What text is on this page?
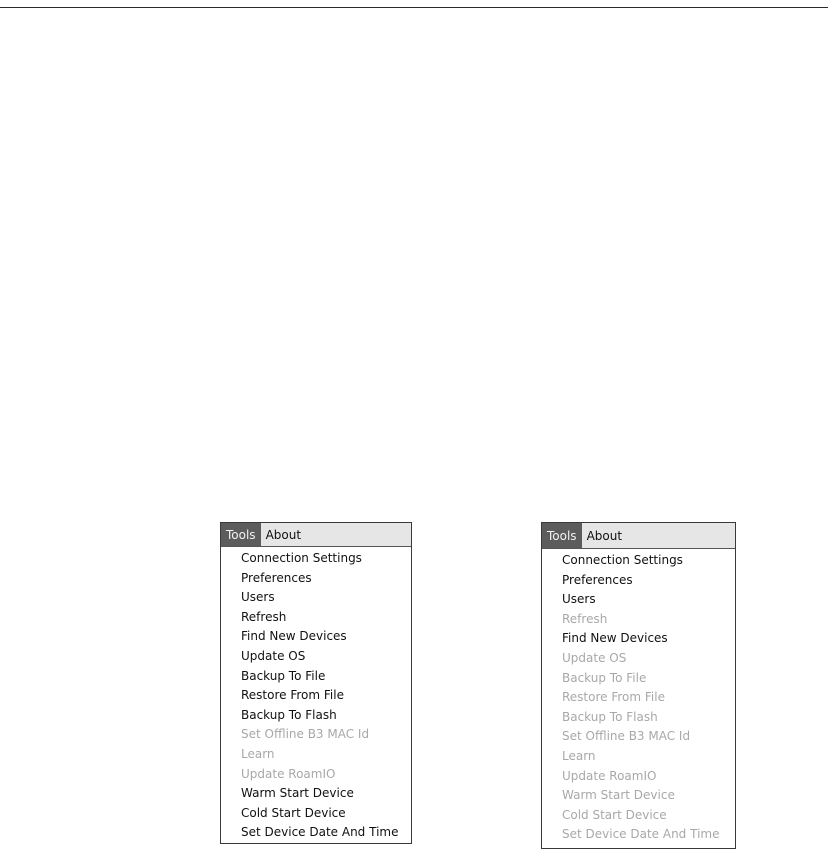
Tools About
Connection Settings
Preferences
Users
Refresh
Find New Devices
Update OS
Backup To File
Restore From File
Backup To Flash
Set Offline B3 MAC Id
Learn
Update RoamIO
Warm Start Device
Cold Start Device
Set Device Date And Time
Tools About
Connection Settings
Preferences
Users
Refresh
Find New Devices
Update OS
Backup To File
Restore From File
Backup To Flash
Set Offline B3 MAC Id
Learn
Update RoamIO
Warm Start Device
Cold Start Device
Set Device Date And Time
